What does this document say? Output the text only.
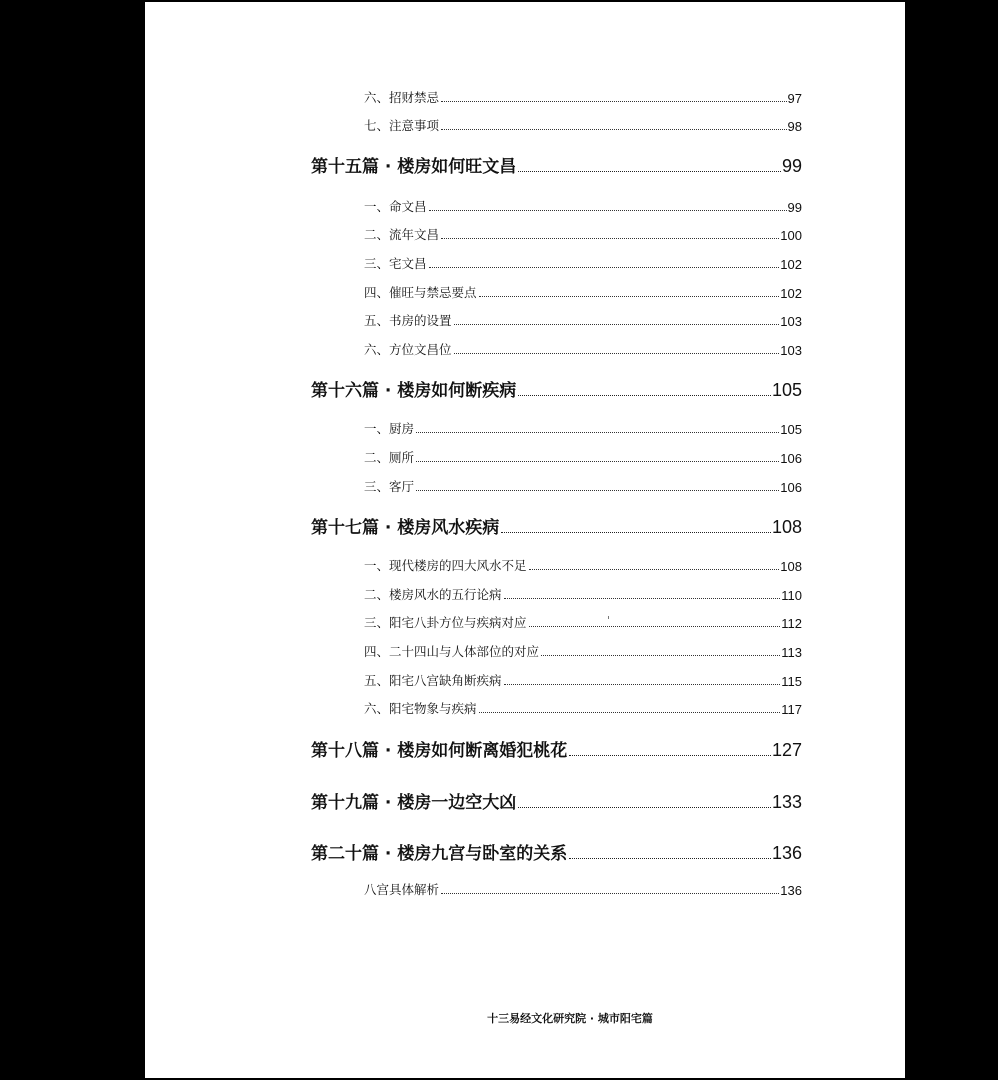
六、招财禁忌	97
七、注意事项	98
第十五篇 · 楼房如何旺文昌	99
一、命文昌	99
二、流年文昌	100
三、宅文昌	102
四、催旺与禁忌要点	102
五、书房的设置	103
六、方位文昌位	103
第十六篇 · 楼房如何断疾病	105
一、厨房	105
二、厕所	106
三、客厅	106
第十七篇 · 楼房风水疾病	108
一、现代楼房的四大风水不足	108
二、楼房风水的五行论病	110
三、阳宅八卦方位与疾病对应	112
四、二十四山与人体部位的对应	113
五、阳宅八宫缺角断疾病	115
六、阳宅物象与疾病	117
第十八篇 · 楼房如何断离婚犯桃花	127
第十九篇 · 楼房一边空大凶	133
第二十篇 · 楼房九宫与卧室的关系	136
八宫具体解析	136
十三易经文化研究院 · 城市阳宅篇
